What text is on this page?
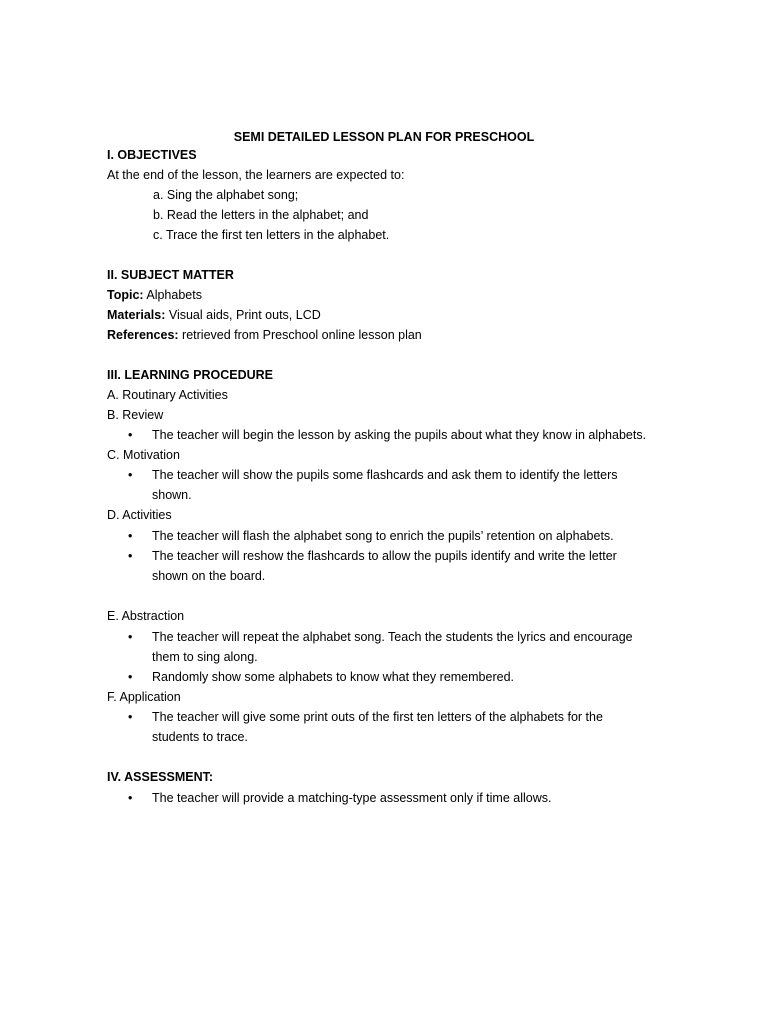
SEMI DETAILED LESSON PLAN FOR PRESCHOOL
I. OBJECTIVES
At the end of the lesson, the learners are expected to:
a. Sing the alphabet song;
b. Read the letters in the alphabet; and
c. Trace the first ten letters in the alphabet.
II. SUBJECT MATTER
Topic: Alphabets
Materials: Visual aids, Print outs, LCD
References: retrieved from Preschool online lesson plan
III. LEARNING PROCEDURE
A. Routinary Activities
B. Review
• The teacher will begin the lesson by asking the pupils about what they know in alphabets.
C. Motivation
• The teacher will show the pupils some flashcards and ask them to identify the letters
shown.
D. Activities
• The teacher will flash the alphabet song to enrich the pupils’ retention on alphabets.
• The teacher will reshow the flashcards to allow the pupils identify and write the letter
shown on the board.
E. Abstraction
• The teacher will repeat the alphabet song. Teach the students the lyrics and encourage
them to sing along.
• Randomly show some alphabets to know what they remembered.
F. Application
• The teacher will give some print outs of the first ten letters of the alphabets for the
students to trace.
IV. ASSESSMENT:
• The teacher will provide a matching-type assessment only if time allows.
